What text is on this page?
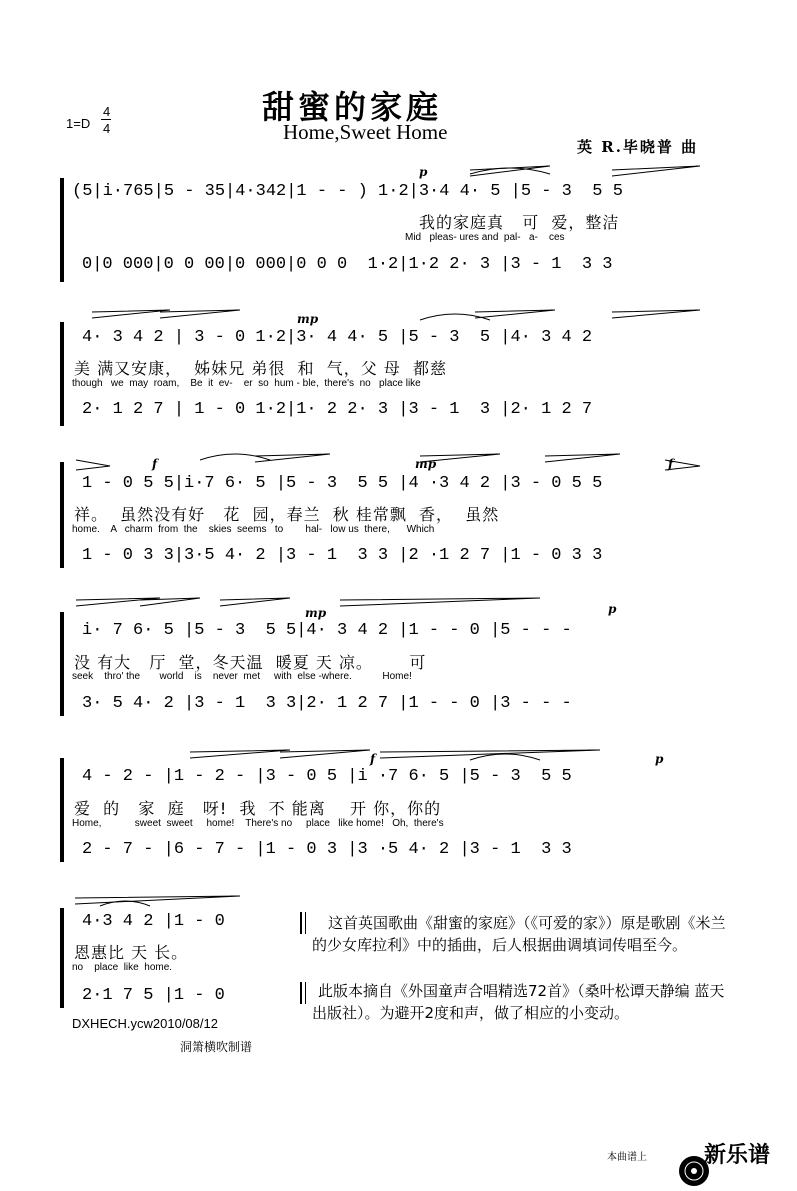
甜蜜的家庭
Home,Sweet Home
1=D
4
4
英 R.毕晓普 曲
p
(5|i·765|5 - 35|4·342|1 - - ) 1·2|3·4 4· 5 |5 - 3  5 5
我的家庭真   可  爱，整洁
Mid   pleas- ures and  pal-   a-    ces
0|0 000|0 0 00|0 000|0 0 0  1·2|1·2 2· 3 |3 - 1  3 3
mp
4· 3 4 2 | 3 - 0 1·2|3· 4 4· 5 |5 - 3  5 |4· 3 4 2
美 满又安康，  姊妹兄 弟很  和  气，父 母  都慈
though   we  may  roam,    Be  it  ev-    er  so  hum - ble,  there's  no   place like
2· 1 2 7 | 1 - 0 1·2|1· 2 2· 3 |3 - 1  3 |2· 1 2 7
f	mp	f
1 - 0 5 5|i·7 6· 5 |5 - 3  5 5 |4 ·3 4 2 |3 - 0 5 5
祥。  虽然没有好   花  园，春兰  秋 桂常飘  香，  虽然
home.    A   charm  from  the    skies  seems   to        hal-   low us  there,      Which
1 - 0 3 3|3·5 4· 2 |3 - 1  3 3 |2 ·1 2 7 |1 - 0 3 3
mp	p
i· 7 6· 5 |5 - 3  5 5|4· 3 4 2 |1 - - 0 |5 - - -
没 有大   厅  堂，冬天温  暖夏 天 凉。      可
seek    thro' the       world    is    never  met     with  else -where.           Home!
3· 5 4· 2 |3 - 1  3 3|2· 1 2 7 |1 - - 0 |3 - - -
f	p
4 - 2 - |1 - 2 - |3 - 0 5 |i ·7 6· 5 |5 - 3  5 5
爱  的   家  庭   呀!  我  不 能离    开 你，你的
Home,            sweet  sweet     home!    There's no     place   like home!   Oh,  there's
2 - 7 - |6 - 7 - |1 - 0 3 |3 ·5 4· 2 |3 - 1  3 3
4·3 4 2 |1 - 0
恩惠比 天 长。
no    place  like  home.
2·1 7 5 |1 - 0
这首英国歌曲《甜蜜的家庭》（《可爱的家》）原是歌剧《米兰的少女库拉利》中的插曲，后人根据曲调填词传唱至今。
此版本摘自《外国童声合唱精选72首》（桑叶松谭天静编 蓝天出版社）。为避开2度和声，做了相应的小变动。
DXHECH.ycw2010/08/12
洞箫横吹制谱
本曲谱上

	新乐谱
